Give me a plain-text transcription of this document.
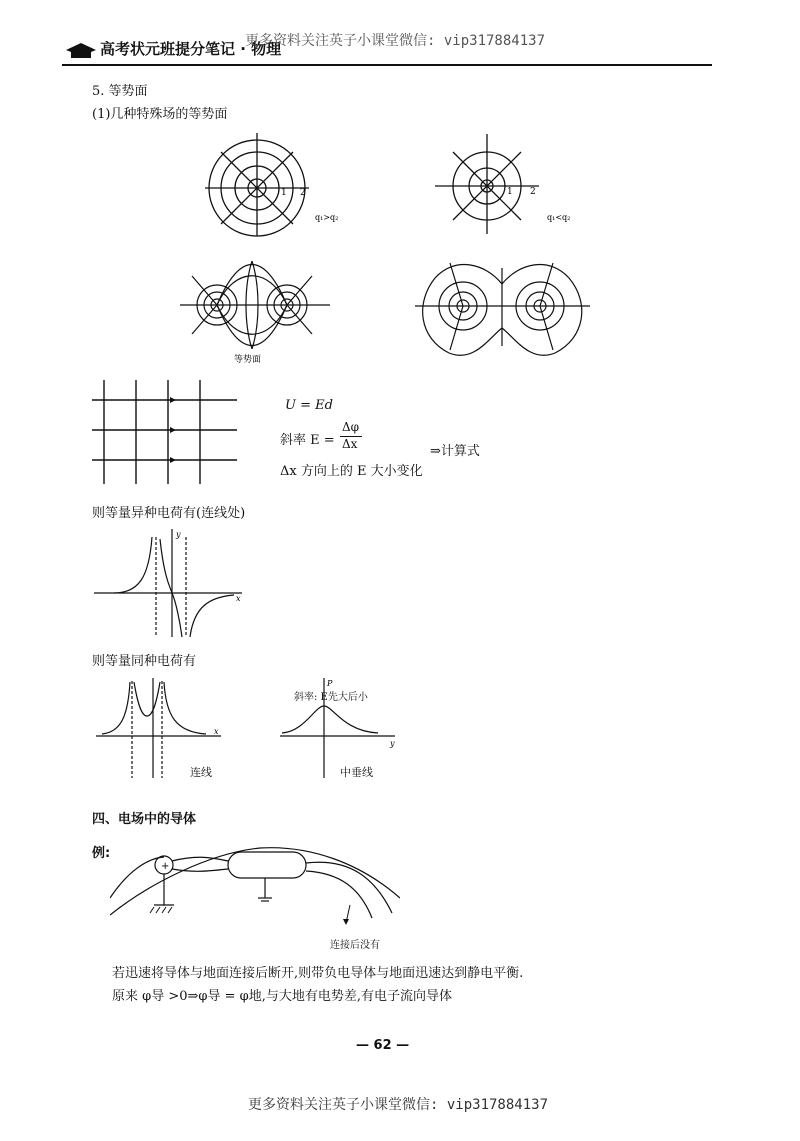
高考状元班提分笔记 · 物理
更多资料关注英子小课堂微信: vip317884137
5. 等势面
(1)几种特殊场的等势面
1 2
q₁>q₂
1 2
q₁<q₂
等势面
U = Ed
斜率 E =
Δφ
Δx	⇒计算式
Δx 方向上的 E 大小变化
则等量异种电荷有(连线处)
x
y
则等量同种电荷有
x
连线
P
y
斜率: E先大后小
中垂线
四、电场中的导体
例:
+
连接后没有
若迅速将导体与地面连接后断开,则带负电导体与地面迅速达到静电平衡.
原来 φ导 >0⇒φ导 = φ地,与大地有电势差,有电子流向导体
— 62 —
更多资料关注英子小课堂微信: vip317884137
